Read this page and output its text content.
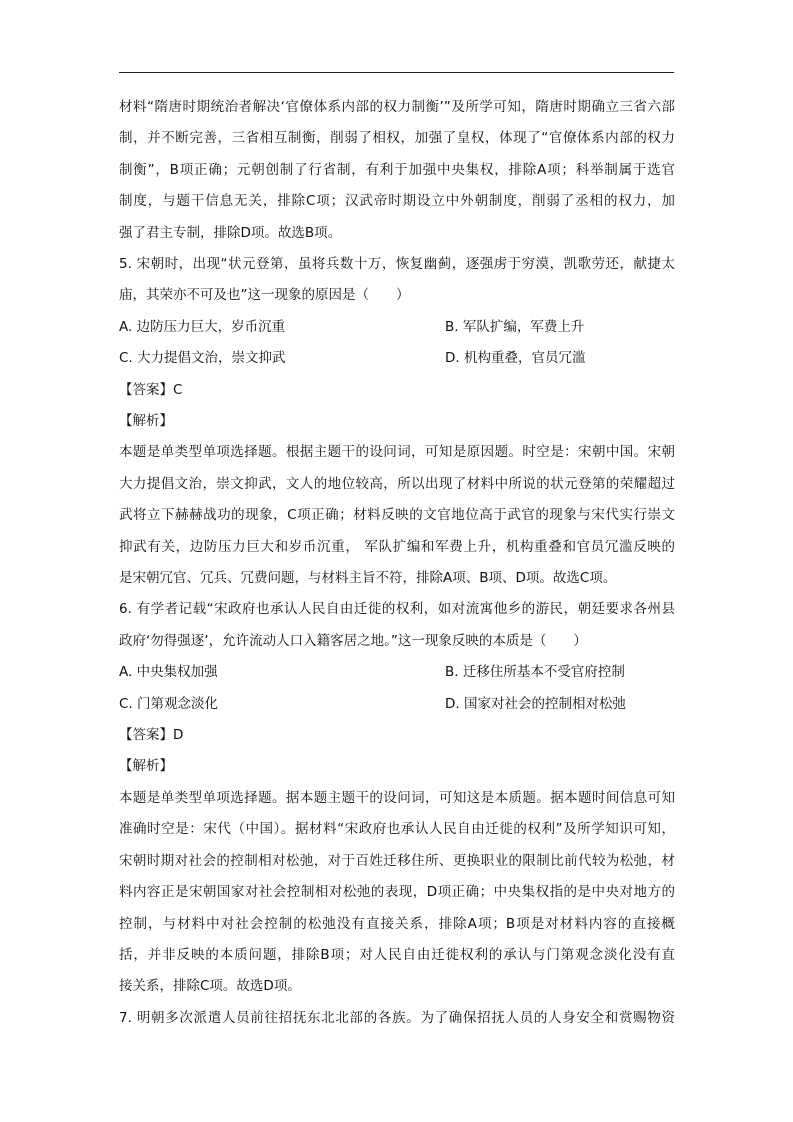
材料“隋唐时期统治者解决‘官僚体系内部的权力制衡’”及所学可知，隋唐时期确立三省六部
制，并不断完善，三省相互制衡，削弱了相权，加强了皇权，体现了“官僚体系内部的权力
制衡”，B项正确；元朝创制了行省制，有利于加强中央集权，排除A项；科举制属于选官
制度，与题干信息无关，排除C项；汉武帝时期设立中外朝制度，削弱了丞相的权力，加
强了君主专制，排除D项。故选B项。
5. 宋朝时，出现“状元登第，虽将兵数十万，恢复幽蓟，逐强虏于穷漠，凯歌劳还，献捷太
庙，其荣亦不可及也”这一现象的原因是（　　）
A. 边防压力巨大，岁币沉重	B. 军队扩编，军费上升
C. 大力提倡文治，崇文抑武	D. 机构重叠，官员冗滥
【答案】C
【解析】
本题是单类型单项选择题。根据主题干的设问词，可知是原因题。时空是：宋朝中国。宋朝
大力提倡文治，崇文抑武，文人的地位较高，所以出现了材料中所说的状元登第的荣耀超过
武将立下赫赫战功的现象，C项正确；材料反映的文官地位高于武官的现象与宋代实行崇文
抑武有关，边防压力巨大和岁币沉重， 军队扩编和军费上升，机构重叠和官员冗滥反映的
是宋朝冗官、冗兵、冗费问题，与材料主旨不符，排除A项、B项、D项。故选C项。
6. 有学者记载“宋政府也承认人民自由迁徙的权利，如对流寓他乡的游民，朝廷要求各州县
政府‘勿得强逐’，允许流动人口入籍客居之地。”这一现象反映的本质是（　　）
A. 中央集权加强	B. 迁移住所基本不受官府控制
C. 门第观念淡化	D. 国家对社会的控制相对松弛
【答案】D
【解析】
本题是单类型单项选择题。据本题主题干的设问词，可知这是本质题。据本题时间信息可知
准确时空是：宋代（中国）。据材料“宋政府也承认人民自由迁徙的权利”及所学知识可知，
宋朝时期对社会的控制相对松弛，对于百姓迁移住所、更换职业的限制比前代较为松弛，材
料内容正是宋朝国家对社会控制相对松弛的表现，D项正确；中央集权指的是中央对地方的
控制，与材料中对社会控制的松弛没有直接关系，排除A项；B项是对材料内容的直接概
括，并非反映的本质问题，排除B项；对人民自由迁徙权利的承认与门第观念淡化没有直
接关系，排除C项。故选D项。
7. 明朝多次派遣人员前往招抚东北北部的各族。为了确保招抚人员的人身安全和赏赐物资
